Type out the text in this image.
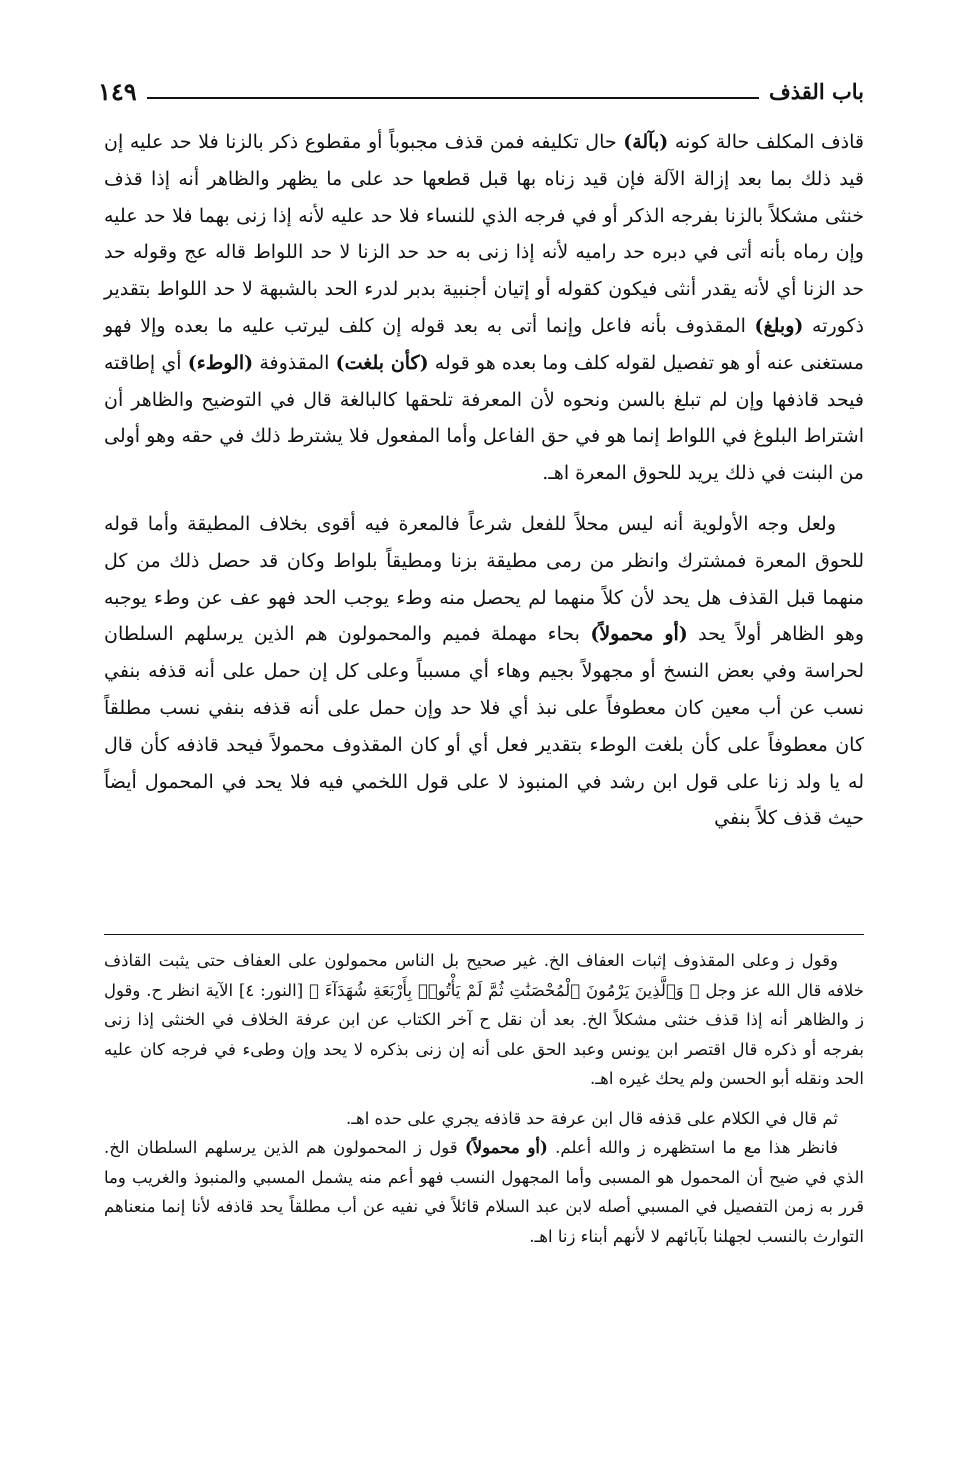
باب القذف
١٤٩

قاذف المكلف حالة كونه (بآلة) حال تكليفه فمن قذف مجبوباً أو مقطوع ذكر بالزنا فلا حد عليه إن قيد ذلك بما بعد إزالة الآلة فإن قيد زناه بها قبل قطعها حد على ما يظهر والظاهر أنه إذا قذف خنثى مشكلاً بالزنا بفرجه الذكر أو في فرجه الذي للنساء فلا حد عليه لأنه إذا زنى بهما فلا حد عليه وإن رماه بأنه أتى في دبره حد راميه لأنه إذا زنى به حد حد الزنا لا حد اللواط قاله عج وقوله حد حد الزنا أي لأنه يقدر أنثى فيكون كقوله أو إتيان أجنبية بدبر لدرء الحد بالشبهة لا حد اللواط بتقدير ذكورته (وبلغ) المقذوف بأنه فاعل وإنما أتى به بعد قوله إن كلف ليرتب عليه ما بعده وإلا فهو مستغنى عنه أو هو تفصيل لقوله كلف وما بعده هو قوله (كأن بلغت) المقذوفة (الوطء) أي إطاقته فيحد قاذفها وإن لم تبلغ بالسن ونحوه لأن المعرفة تلحقها كالبالغة قال في التوضيح والظاهر أن اشتراط البلوغ في اللواط إنما هو في حق الفاعل وأما المفعول فلا يشترط ذلك في حقه وهو أولى من البنت في ذلك يريد للحوق المعرة اهـ.

ولعل وجه الأولوية أنه ليس محلاً للفعل شرعاً فالمعرة فيه أقوى بخلاف المطيقة وأما قوله للحوق المعرة فمشترك وانظر من رمى مطيقة بزنا ومطيقاً بلواط وكان قد حصل ذلك من كل منهما قبل القذف هل يحد لأن كلاً منهما لم يحصل منه وطء يوجب الحد فهو عف عن وطء يوجبه وهو الظاهر أولاً يحد (أو محمولاً) بحاء مهملة فميم والمحمولون هم الذين يرسلهم السلطان لحراسة وفي بعض النسخ أو مجهولاً بجيم وهاء أي مسبباً وعلى كل إن حمل على أنه قذفه بنفي نسب عن أب معين كان معطوفاً على نبذ أي فلا حد وإن حمل على أنه قذفه بنفي نسب مطلقاً كان معطوفاً على كأن بلغت الوطء بتقدير فعل أي أو كان المقذوف محمولاً فيحد قاذفه كأن قال له يا ولد زنا على قول ابن رشد في المنبوذ لا على قول اللخمي فيه فلا يحد في المحمول أيضاً حيث قذف كلاً بنفي

وقول ز وعلى المقذوف إثبات العفاف الخ. غير صحيح بل الناس محمولون على العفاف حتى يثبت القاذف خلافه قال الله عز وجل ﴿ وَٱلَّذِينَ يَرْمُونَ ٱلْمُحْصَنَٰتِ ثُمَّ لَمْ يَأْتُوا۟ بِأَرْبَعَةِ شُهَدَآءَ ﴾ [النور: ٤] الآية انظر ح. وقول ز والظاهر أنه إذا قذف خنثى مشكلاً الخ. بعد أن نقل ح آخر الكتاب عن ابن عرفة الخلاف في الخنثى إذا زنى بفرجه أو ذكره قال اقتصر ابن يونس وعبد الحق على أنه إن زنى بذكره لا يحد وإن وطىء في فرجه كان عليه الحد ونقله أبو الحسن ولم يحك غيره اهـ.

ثم قال في الكلام على قذفه قال ابن عرفة حد قاذفه يجري على حده اهـ.

فانظر هذا مع ما استظهره ز والله أعلم. (أو محمولاً) قول ز المحمولون هم الذين يرسلهم السلطان الخ. الذي في ضيح أن المحمول هو المسبى وأما المجهول النسب فهو أعم منه يشمل المسبي والمنبوذ والغريب وما قرر به زمن التفصيل في المسبي أصله لابن عبد السلام قائلاً في نفيه عن أب مطلقاً يحد قاذفه لأنا إنما منعناهم التوارث بالنسب لجهلنا بآبائهم لا لأنهم أبناء زنا اهـ.
